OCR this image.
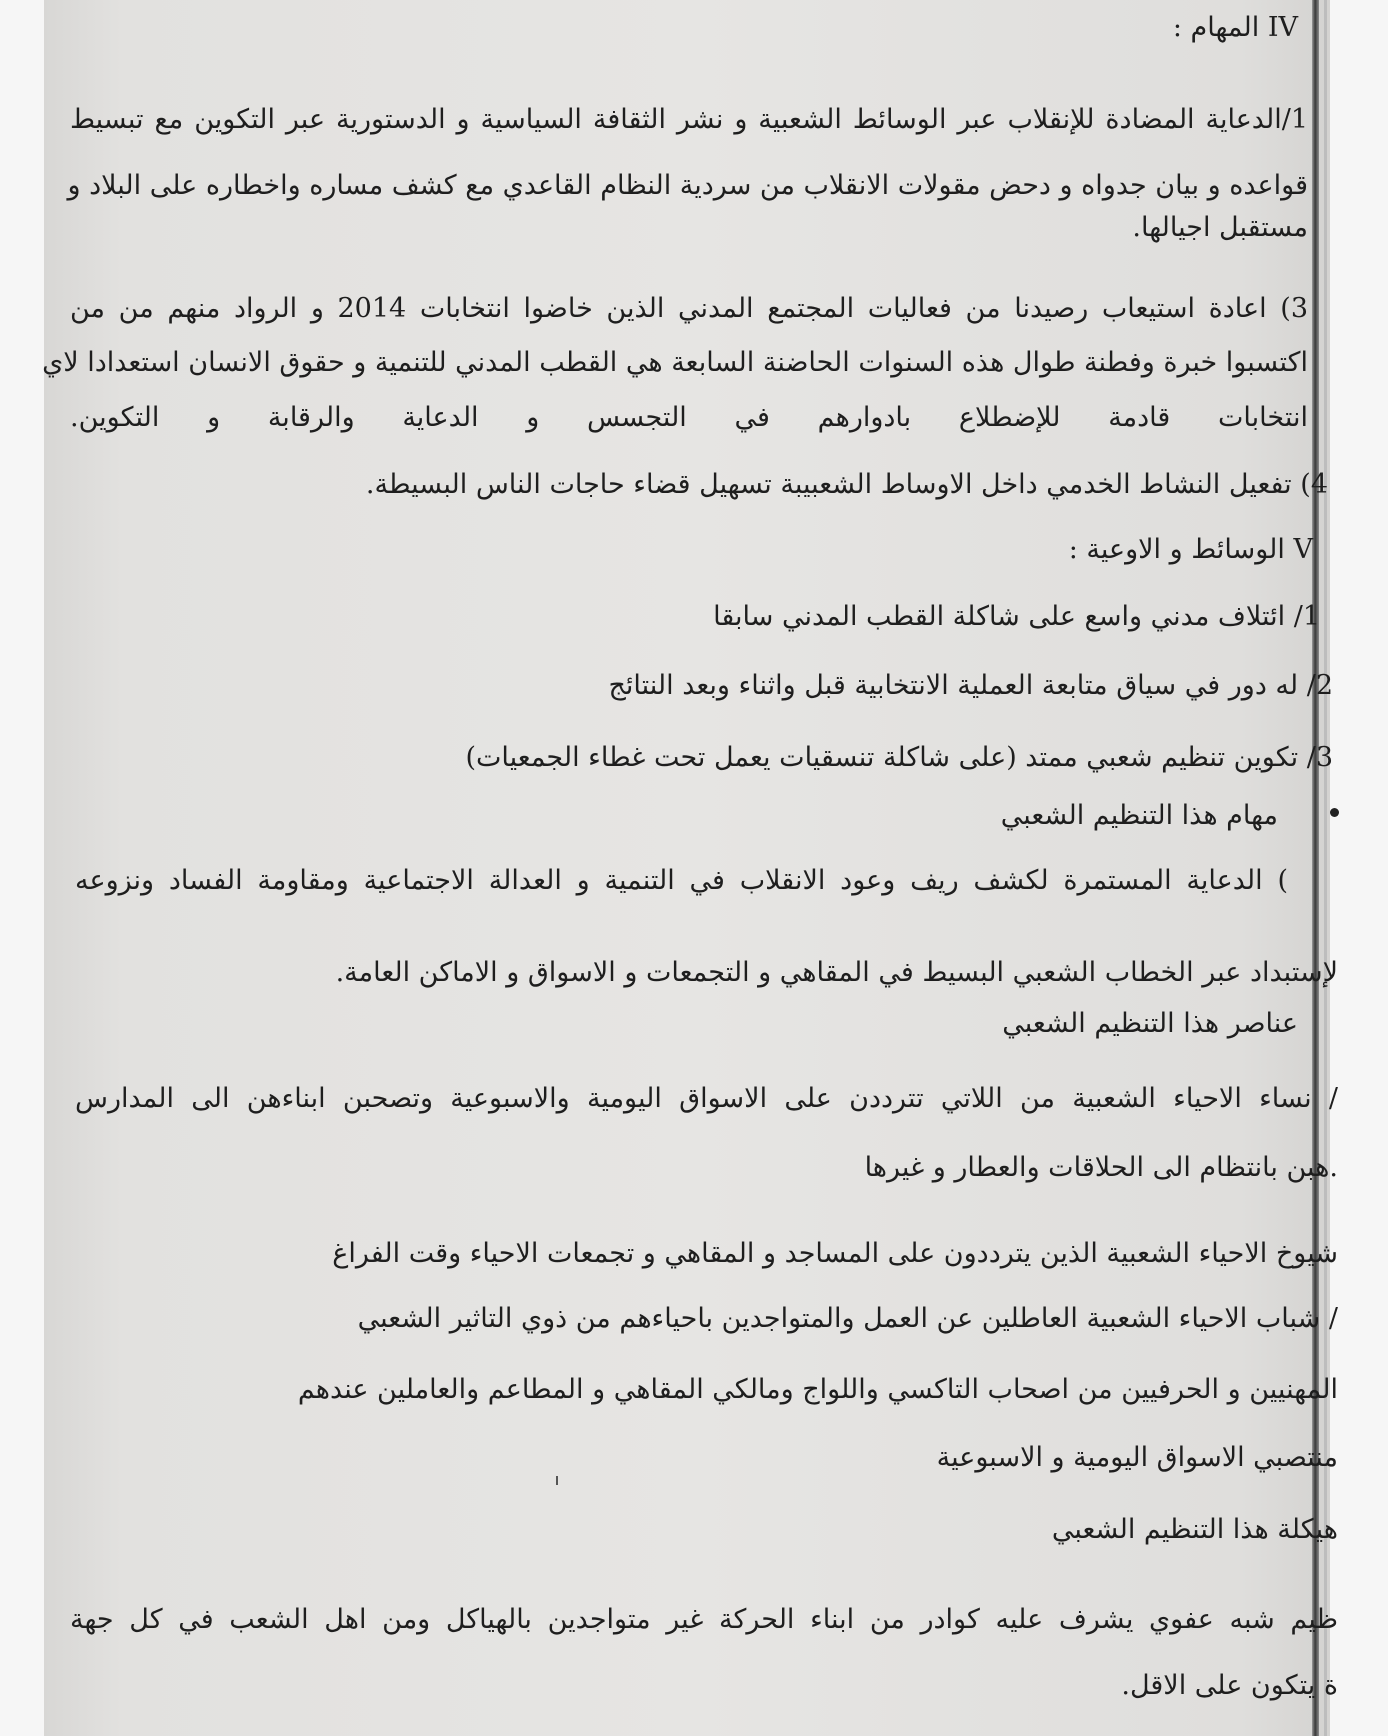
IV المهام :
1/الدعاية المضادة للإنقلاب عبر الوسائط الشعبية و نشر الثقافة السياسية و الدستورية عبر التكوين مع تبسيط
قواعده و بيان جدواه و دحض مقولات الانقلاب من سردية النظام القاعدي مع كشف مساره واخطاره على البلاد و
مستقبل اجيالها.
3) اعادة استيعاب رصيدنا من فعاليات المجتمع المدني الذين خاضوا انتخابات 2014 و الرواد منهم من من
اكتسبوا خبرة وفطنة طوال هذه السنوات الحاضنة السابعة هي القطب المدني للتنمية و حقوق الانسان استعدادا لاي
انتخابات قادمة للإضطلاع بادوارهم في التجسس و الدعاية والرقابة و التكوين.
4) تفعيل النشاط الخدمي داخل الاوساط الشعبيبة تسهيل قضاء حاجات الناس البسيطة.
V الوسائط و الاوعية :
1/ ائتلاف مدني واسع على شاكلة القطب المدني سابقا
2/ له دور في سياق متابعة العملية الانتخابية قبل واثناء وبعد النتائج
3/ تكوين تنظيم شعبي ممتد (على شاكلة تنسقيات يعمل تحت غطاء الجمعيات)
مهام هذا التنظيم الشعبي
) الدعاية المستمرة لكشف ريف وعود الانقلاب في التنمية و العدالة الاجتماعية ومقاومة الفساد ونزوعه
لإستبداد عبر الخطاب الشعبي البسيط في المقاهي و التجمعات و الاسواق و الاماكن العامة.
عناصر هذا التنظيم الشعبي
/ نساء الاحياء الشعبية من اللاتي تترددن على الاسواق اليومية والاسبوعية وتصحبن ابناءهن الى المدارس
.هبن بانتظام الى الحلاقات والعطار و غيرها
شيوخ الاحياء الشعبية الذين يترددون على المساجد و المقاهي و تجمعات الاحياء وقت الفراغ
/ شباب الاحياء الشعبية العاطلين عن العمل والمتواجدين باحياءهم من ذوي التاثير الشعبي
المهنيين و الحرفيين من اصحاب التاكسي واللواج ومالكي المقاهي و المطاعم والعاملين عندهم
منتصبي الاسواق اليومية و الاسبوعية
هيكلة هذا التنظيم الشعبي
ظيم شبه عفوي يشرف عليه كوادر من ابناء الحركة غير متواجدين بالهياكل ومن اهل الشعب في كل جهة
ة يتكون على الاقل.
